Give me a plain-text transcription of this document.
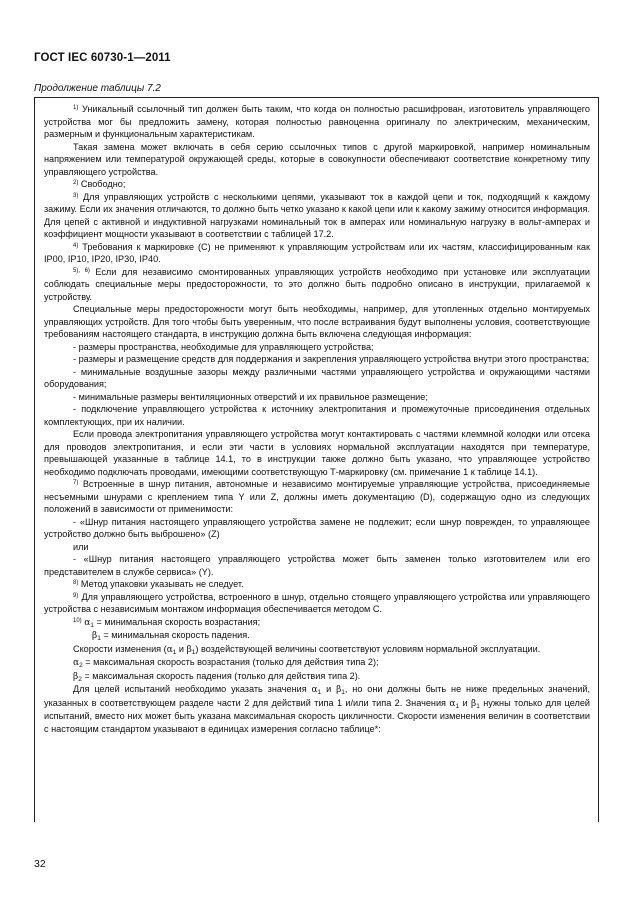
ГОСТ IEC 60730-1—2011
Продолжение таблицы 7.2

$^{1)}$ Уникальный ссылочный тип должен быть таким, что когда он полностью расшифрован, изготовитель управляющего устройства мог бы предложить замену, которая полностью равноценна оригиналу по электрическим, механическим, размерным и функциональным характеристикам.

Такая замена может включать в себя серию ссылочных типов с другой маркировкой, например номинальным напряжением или температурой окружающей среды, которые в совокупности обеспечивают соответствие конкретному типу управляющего устройства.

$^{2)}$ Свободно;

$^{3)}$ Для управляющих устройств с несколькими цепями, указывают ток в каждой цепи и ток, подходящий к каждому зажиму. Если их значения отличаются, то должно быть четко указано к какой цепи или к какому зажиму относится информация. Для цепей с активной и индуктивной нагрузками номинальный ток в амперах или номинальную нагрузку в вольт-амперах и коэффициент мощности указывают в соответствии с таблицей 17.2.

$^{4)}$ Требования к маркировке (С) не применяют к управляющим устройствам или их частям, классифицированным как IP00, IP10, IP20, IP30, IP40.

$^{5), 6)}$ Если для независимо смонтированных управляющих устройств необходимо при установке или эксплуатации соблюдать специальные меры предосторожности, то это должно быть подробно описано в инструкции, прилагаемой к устройству.

Специальные меры предосторожности могут быть необходимы, например, для утопленных отдельно монтируемых управляющих устройств. Для того чтобы быть уверенным, что после встраивания будут выполнены условия, соответствующие требованиям настоящего стандарта, в инструкцию должна быть включена следующая информация:

- размеры пространства, необходимые для управляющего устройства;

- размеры и размещение средств для поддержания и закрепления управляющего устройства внутри этого пространства;

- минимальные воздушные зазоры между различными частями управляющего устройства и окружающими частями оборудования;

- минимальные размеры вентиляционных отверстий и их правильное размещение;

- подключение управляющего устройства к источнику электропитания и промежуточные присоединения отдельных комплектующих, при их наличии.

Если провода электропитания управляющего устройства могут контактировать с частями клеммной колодки или отсека для проводов электропитания, и если эти части в условиях нормальной эксплуатации находятся при температуре, превышающей указанные в таблице 14.1, то в инструкции также должно быть указано, что управляющее устройство необходимо подключать проводами, имеющими соответствующую Т-маркировку (см. примечание 1 к таблице 14.1).

$^{7)}$ Встроенные в шнур питания, автономные и независимо монтируемые управляющие устройства, присоединяемые несъемными шнурами с креплением типа Y или Z, должны иметь документацию (D), содержащую одно из следующих положений в зависимости от применимости:

- «Шнур питания настоящего управляющего устройства замене не подлежит; если шнур поврежден, то управляющее устройство должно быть выброшено» (Z)

или

- «Шнур питания настоящего управляющего устройства может быть заменен только изготовителем или его представителем в службе сервиса» (Y).

$^{8)}$ Метод упаковки указывать не следует.

$^{9)}$ Для управляющего устройства, встроенного в шнур, отдельно стоящего управляющего устройства или управляющего устройства с независимым монтажом информация обеспечивается методом С.

$^{10)}$ $\alpha_1$ = минимальная скорость возрастания;

$\beta_1$ = минимальная скорость падения.

Скорости изменения ($\alpha_1$ и $\beta_1$) воздействующей величины соответствуют условиям нормальной эксплуатации.

$\alpha_2$ = максимальная скорость возрастания (только для действия типа 2);

$\beta_2$ = максимальная скорость падения (только для действия типа 2).

Для целей испытаний необходимо указать значения $\alpha_1$ и $\beta_1$, но они должны быть не ниже предельных значений, указанных в соответствующем разделе части 2 для действий типа 1 и/или типа 2. Значения $\alpha_1$ и $\beta_1$ нужны только для целей испытаний, вместо них может быть указана максимальная скорость цикличности. Скорости изменения величин в соответствии с настоящим стандартом указывают в единицах измерения согласно таблице*:

32
